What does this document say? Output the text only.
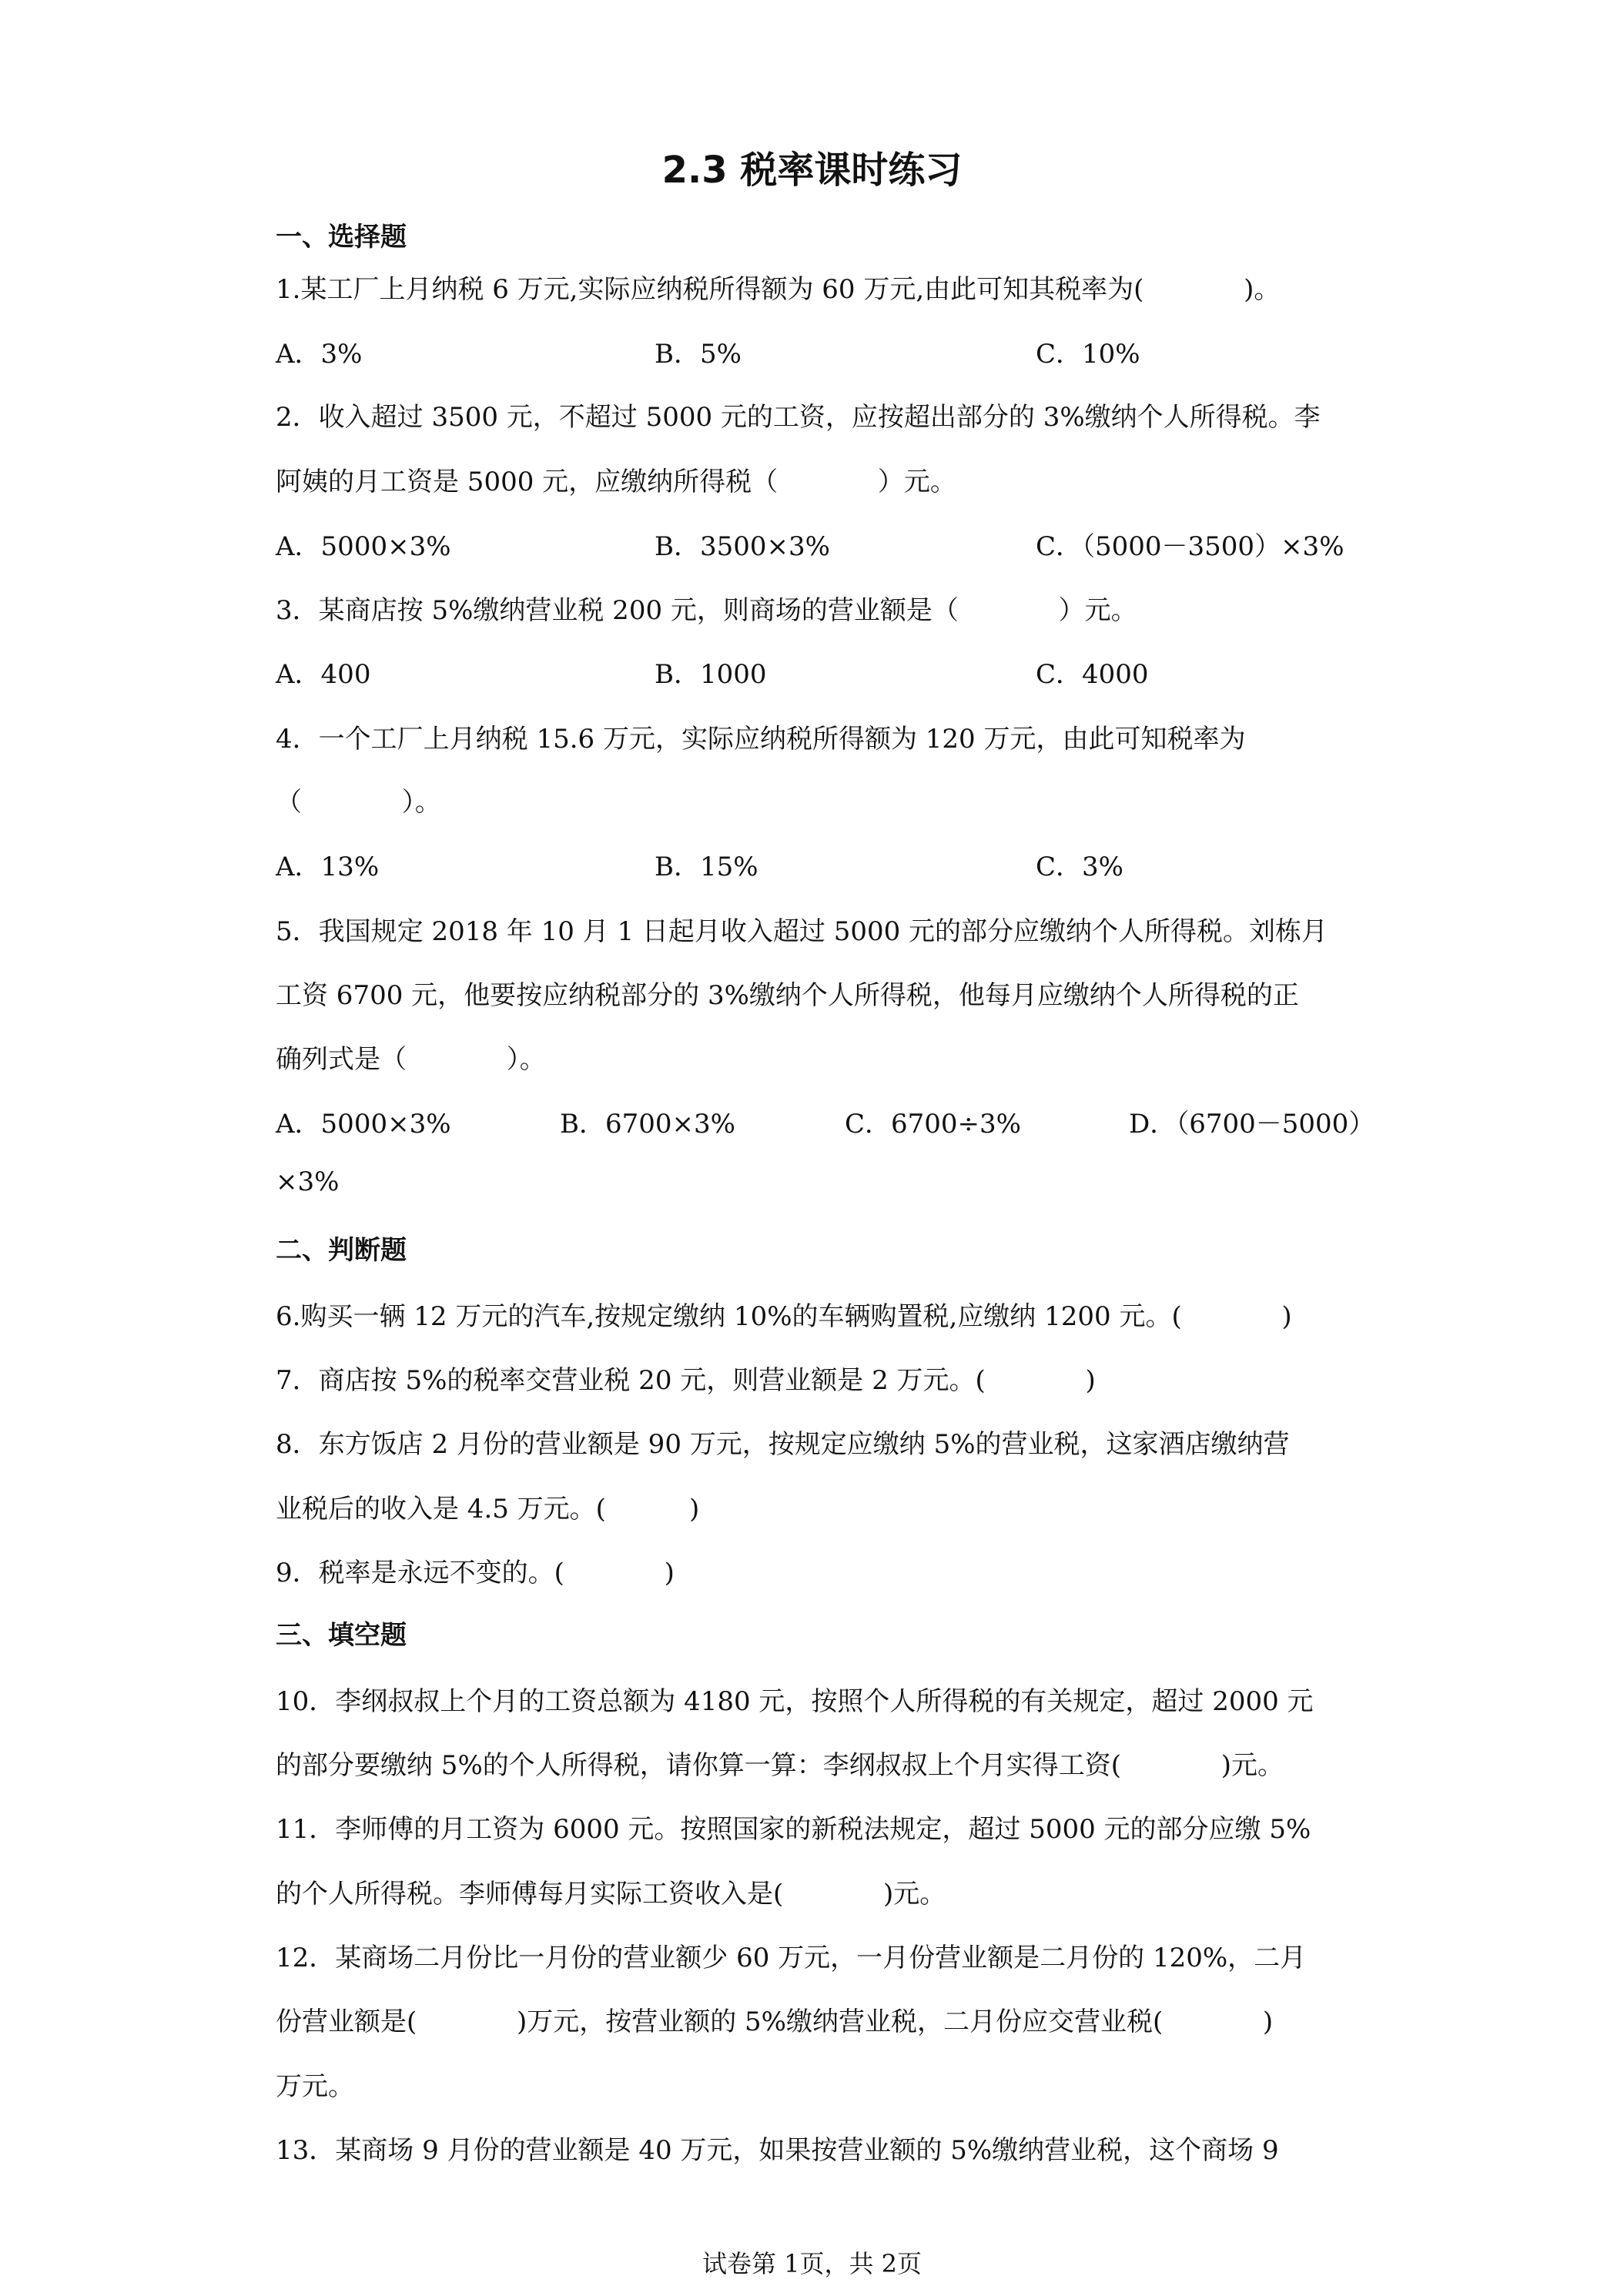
2.3 税率课时练习
一、选择题
1.某工厂上月纳税 6 万元,实际应纳税所得额为 60 万元,由此可知其税率为(            )。
A．3%	B．5%	C．10%
2．收入超过 3500 元，不超过 5000 元的工资，应按超出部分的 3%缴纳个人所得税。李
阿姨的月工资是 5000 元，应缴纳所得税（            ）元。
A．5000×3%	B．3500×3%	C．（5000－3500）×3%
3．某商店按 5%缴纳营业税 200 元，则商场的营业额是（            ）元。
A．400	B．1000	C．4000
4．一个工厂上月纳税 15.6 万元，实际应纳税所得额为 120 万元，由此可知税率为
（            ）。
A．13%	B．15%	C．3%
5．我国规定 2018 年 10 月 1 日起月收入超过 5000 元的部分应缴纳个人所得税。刘栋月
工资 6700 元，他要按应纳税部分的 3%缴纳个人所得税，他每月应缴纳个人所得税的正
确列式是（            ）。
A．5000×3%	B．6700×3%	C．6700÷3%	D．（6700－5000）
×3%
二、判断题
6.购买一辆 12 万元的汽车,按规定缴纳 10%的车辆购置税,应缴纳 1200 元。(            )
7．商店按 5%的税率交营业税 20 元，则营业额是 2 万元。(            )
8．东方饭店 2 月份的营业额是 90 万元，按规定应缴纳 5%的营业税，这家酒店缴纳营
业税后的收入是 4.5 万元。(          )
9．税率是永远不变的。(            )
三、填空题
10．李纲叔叔上个月的工资总额为 4180 元，按照个人所得税的有关规定，超过 2000 元
的部分要缴纳 5%的个人所得税，请你算一算：李纲叔叔上个月实得工资(            )元。
11．李师傅的月工资为 6000 元。按照国家的新税法规定，超过 5000 元的部分应缴 5%
的个人所得税。李师傅每月实际工资收入是(            )元。
12．某商场二月份比一月份的营业额少 60 万元，一月份营业额是二月份的 120%，二月
份营业额是(            )万元，按营业额的 5%缴纳营业税，二月份应交营业税(            )
万元。
13．某商场 9 月份的营业额是 40 万元，如果按营业额的 5%缴纳营业税，这个商场 9
试卷第 1页，共 2页
